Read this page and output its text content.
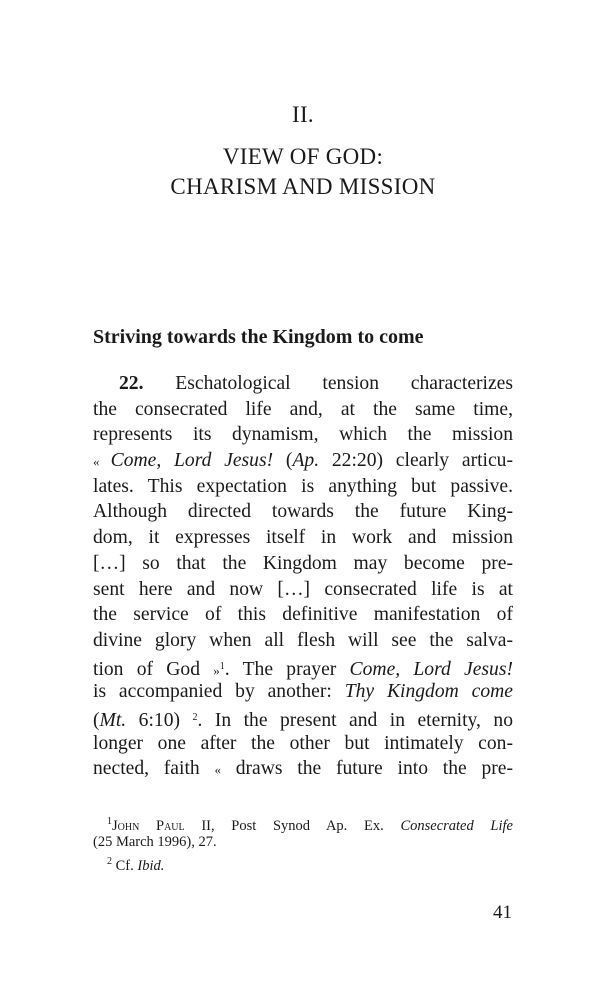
II.
VIEW OF GOD:
CHARISM AND MISSION
Striving towards the Kingdom to come
22. Eschatological tension characterizes
the consecrated life and, at the same time,
represents its dynamism, which the mission
« Come, Lord Jesus! (Ap. 22:20) clearly articu-
lates. This expectation is anything but passive.
Although directed towards the future King-
dom, it expresses itself in work and mission
[…] so that the Kingdom may become pre-
sent here and now […] consecrated life is at
the service of this definitive manifestation of
divine glory when all flesh will see the salva-
tion of God »$^1$. The prayer Come, Lord Jesus!
is accompanied by another: Thy Kingdom come
(Mt. 6:10) $^2$. In the present and in eternity, no
longer one after the other but intimately con-
nected, faith « draws the future into the pre-
$^1$John Paul II, Post Synod Ap. Ex. Consecrated Life
(25 March 1996), 27.
$^2$ Cf. Ibid.
41
